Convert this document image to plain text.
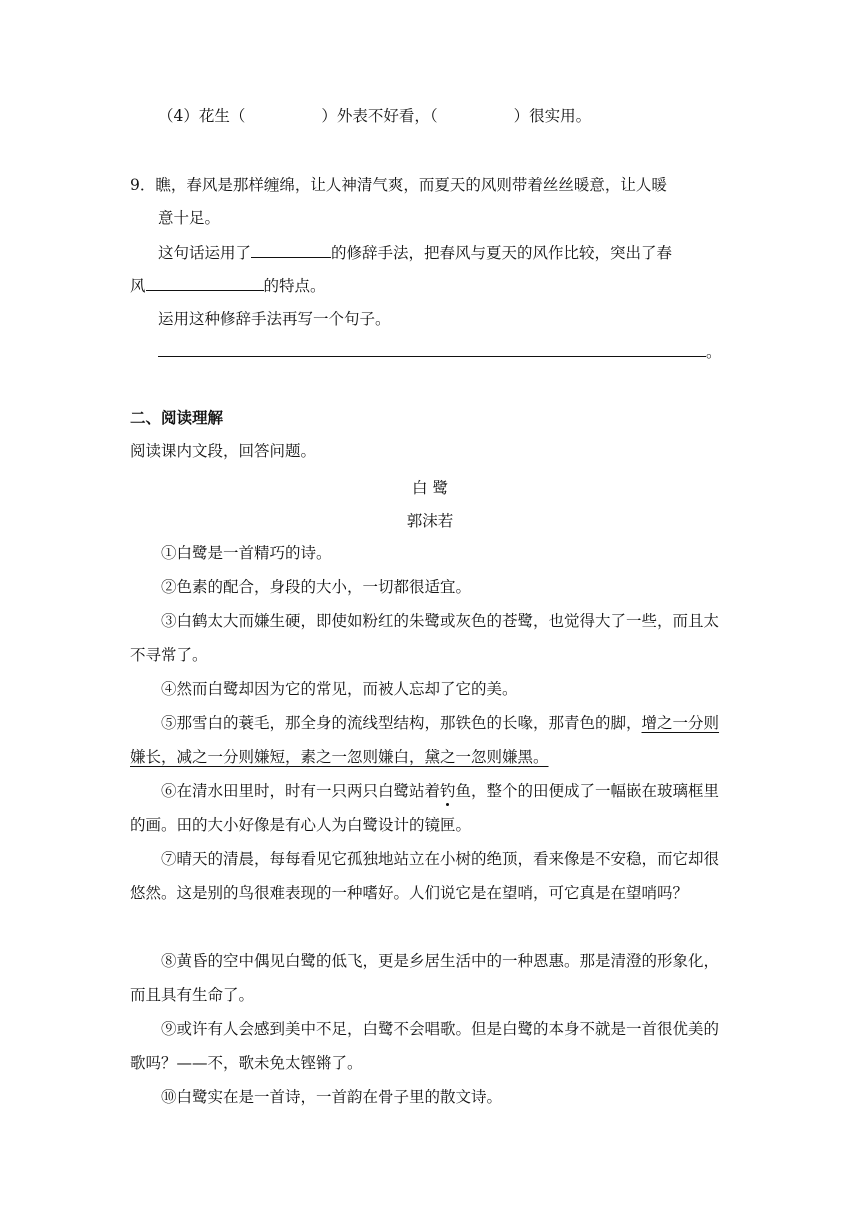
（4）花生（	）外表不好看，（	）很实用。
9．瞧，春风是那样缠绵，让人神清气爽，而夏天的风则带着丝丝暖意，让人暖
意十足。
这句话运用了	的修辞手法，把春风与夏天的风作比较，突出了春
风	的特点。
运用这种修辞手法再写一个句子。
。
二、阅读理解
阅读课内文段，回答问题。
白 鹭
郭沫若
①白鹭是一首精巧的诗。
②色素的配合，身段的大小，一切都很适宜。
③白鹤太大而嫌生硬，即使如粉红的朱鹭或灰色的苍鹭，也觉得大了一些，而且太不寻常了。
④然而白鹭却因为它的常见，而被人忘却了它的美。
⑤那雪白的蓑毛，那全身的流线型结构，那铁色的长喙，那青色的脚，增之一分则嫌长，减之一分则嫌短，素之一忽则嫌白，黛之一忽则嫌黑。
⑥在清水田里时，时有一只两只白鹭站着钓鱼，整个的田便成了一幅嵌在玻璃框里的画。田的大小好像是有心人为白鹭设计的镜匣。
⑦晴天的清晨，每每看见它孤独地站立在小树的绝顶，看来像是不安稳，而它却很悠然。这是别的鸟很难表现的一种嗜好。人们说它是在望哨，可它真是在望哨吗？
⑧黄昏的空中偶见白鹭的低飞，更是乡居生活中的一种恩惠。那是清澄的形象化，而且具有生命了。
⑨或许有人会感到美中不足，白鹭不会唱歌。但是白鹭的本身不就是一首很优美的歌吗？——不，歌未免太铿锵了。
⑩白鹭实在是一首诗，一首韵在骨子里的散文诗。
